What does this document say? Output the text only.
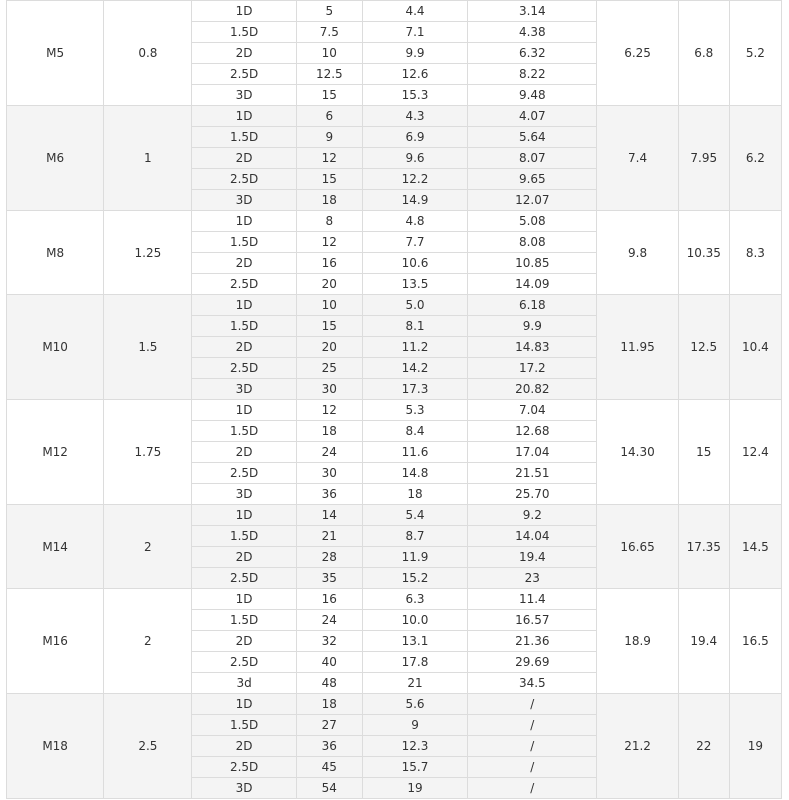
M5	0.8	1D	5	4.4	3.14	6.25	6.8	5.2
		1.5D	7.5	7.1	4.38			
		2D	10	9.9	6.32			
		2.5D	12.5	12.6	8.22			
		3D	15	15.3	9.48			
M6	1	1D	6	4.3	4.07	7.4	7.95	6.2
		1.5D	9	6.9	5.64			
		2D	12	9.6	8.07			
		2.5D	15	12.2	9.65			
		3D	18	14.9	12.07			
M8	1.25	1D	8	4.8	5.08	9.8	10.35	8.3
		1.5D	12	7.7	8.08			
		2D	16	10.6	10.85			
		2.5D	20	13.5	14.09			
M10	1.5	1D	10	5.0	6.18	11.95	12.5	10.4
		1.5D	15	8.1	9.9			
		2D	20	11.2	14.83			
		2.5D	25	14.2	17.2			
		3D	30	17.3	20.82			
M12	1.75	1D	12	5.3	7.04	14.30	15	12.4
		1.5D	18	8.4	12.68			
		2D	24	11.6	17.04			
		2.5D	30	14.8	21.51			
		3D	36	18	25.70			
M14	2	1D	14	5.4	9.2	16.65	17.35	14.5
		1.5D	21	8.7	14.04			
		2D	28	11.9	19.4			
		2.5D	35	15.2	23			
M16	2	1D	16	6.3	11.4	18.9	19.4	16.5
		1.5D	24	10.0	16.57			
		2D	32	13.1	21.36			
		2.5D	40	17.8	29.69			
		3d	48	21	34.5			
M18	2.5	1D	18	5.6	/	21.2	22	19
		1.5D	27	9	/			
		2D	36	12.3	/			
		2.5D	45	15.7	/			
		3D	54	19	/			
